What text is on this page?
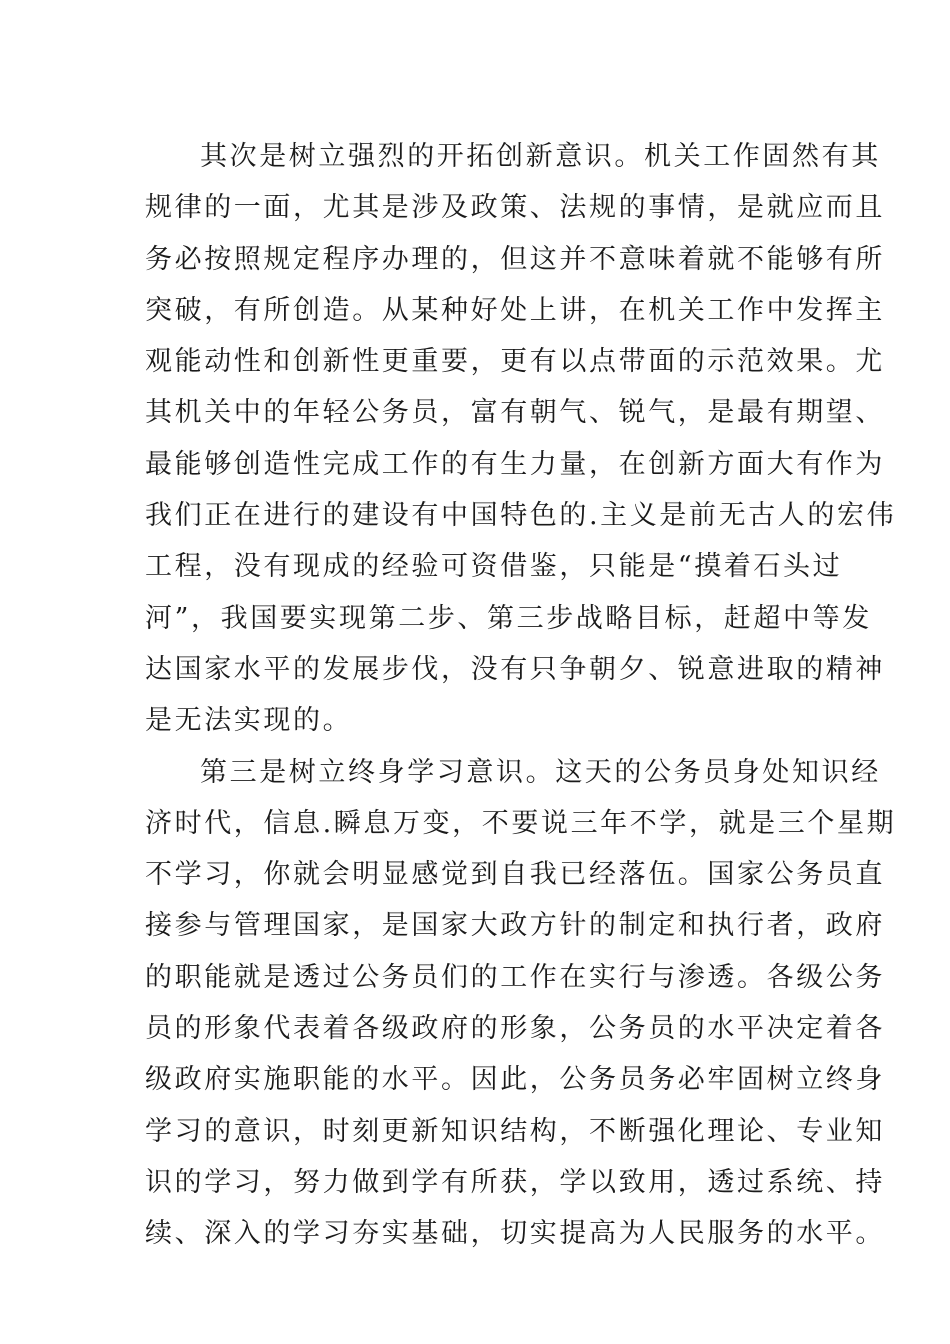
其次是树立强烈的开拓创新意识。机关工作固然有其
规律的一面，尤其是涉及政策、法规的事情，是就应而且
务必按照规定程序办理的，但这并不意味着就不能够有所
突破，有所创造。从某种好处上讲，在机关工作中发挥主
观能动性和创新性更重要，更有以点带面的示范效果。尤
其机关中的年轻公务员，富有朝气、锐气，是最有期望、
最能够创造性完成工作的有生力量，在创新方面大有作为
我们正在进行的建设有中国特色的.主义是前无古人的宏伟
工程，没有现成的经验可资借鉴，只能是“摸着石头过
河”，我国要实现第二步、第三步战略目标，赶超中等发
达国家水平的发展步伐，没有只争朝夕、锐意进取的精神
是无法实现的。
第三是树立终身学习意识。这天的公务员身处知识经
济时代，信息.瞬息万变，不要说三年不学，就是三个星期
不学习，你就会明显感觉到自我已经落伍。国家公务员直
接参与管理国家，是国家大政方针的制定和执行者，政府
的职能就是透过公务员们的工作在实行与渗透。各级公务
员的形象代表着各级政府的形象，公务员的水平决定着各
级政府实施职能的水平。因此，公务员务必牢固树立终身
学习的意识，时刻更新知识结构，不断强化理论、专业知
识的学习，努力做到学有所获，学以致用，透过系统、持
续、深入的学习夯实基础，切实提高为人民服务的水平。
